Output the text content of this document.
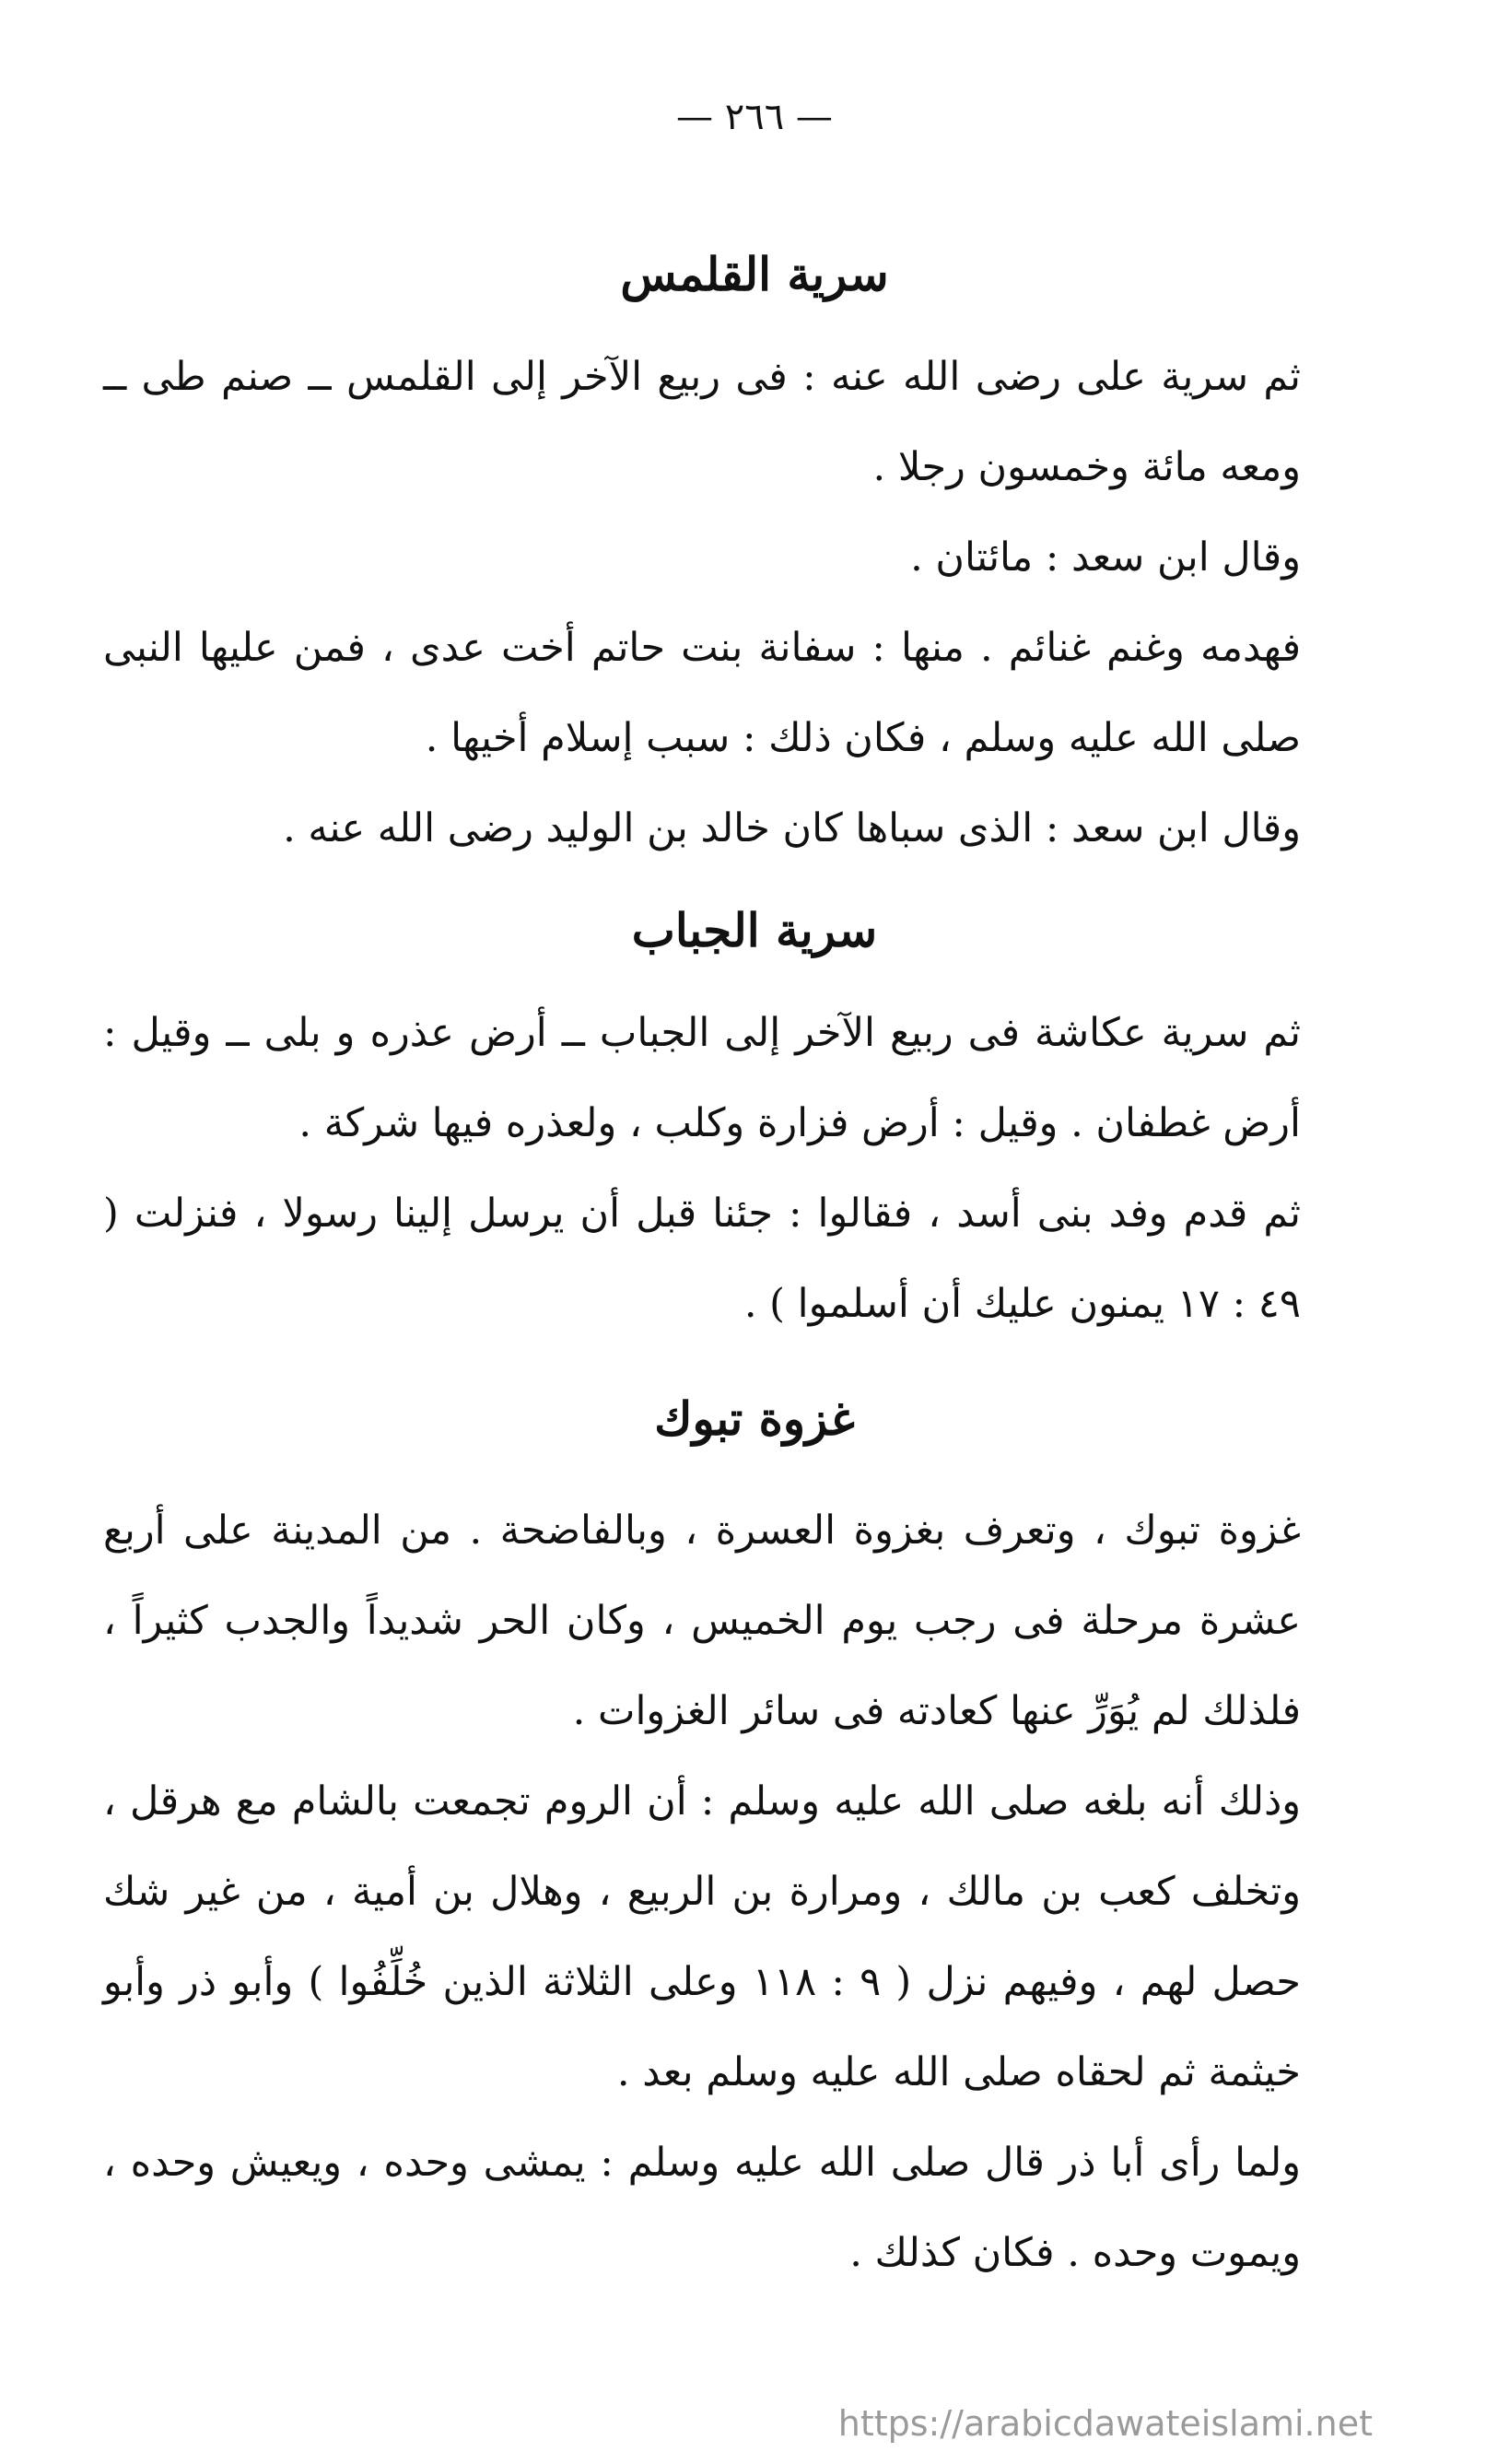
— ٢٦٦ —
سرية القلمس

ثم سرية على رضى الله عنه : فى ربيع الآخر إلى القلمس ــ صنم طى ــ ومعه مائة وخمسون رجلا .

وقال ابن سعد : مائتان .

فهدمه وغنم غنائم . منها : سفانة بنت حاتم أخت عدى ، فمن عليها النبى صلى الله عليه وسلم ، فكان ذلك : سبب إسلام أخيها .

وقال ابن سعد : الذى سباها كان خالد بن الوليد رضى الله عنه .

سرية الجباب

ثم سرية عكاشة فى ربيع الآخر إلى الجباب ــ أرض عذره و بلى ــ وقيل : أرض غطفان . وقيل : أرض فزارة وكلب ، ولعذره فيها شركة .

ثم قدم وفد بنى أسد ، فقالوا : جئنا قبل أن يرسل إلينا رسولا ، فنزلت ( ٤٩ : ١٧ يمنون عليك أن أسلموا ) .

غزوة تبوك

غزوة تبوك ، وتعرف بغزوة العسرة ، وبالفاضحة . من المدينة على أربع عشرة مرحلة فى رجب يوم الخميس ، وكان الحر شديداً والجدب كثيراً ، فلذلك لم يُوَرِّ عنها كعادته فى سائر الغزوات .

وذلك أنه بلغه صلى الله عليه وسلم : أن الروم تجمعت بالشام مع هرقل ، وتخلف كعب بن مالك ، ومرارة بن الربيع ، وهلال بن أمية ، من غير شك حصل لهم ، وفيهم نزل ( ٩ : ١١٨ وعلى الثلاثة الذين خُلِّفُوا ) وأبو ذر وأبو خيثمة ثم لحقاه صلى الله عليه وسلم بعد .

ولما رأى أبا ذر قال صلى الله عليه وسلم : يمشى وحده ، ويعيش وحده ، ويموت وحده . فكان كذلك .

https://arabicdawateislami.net
